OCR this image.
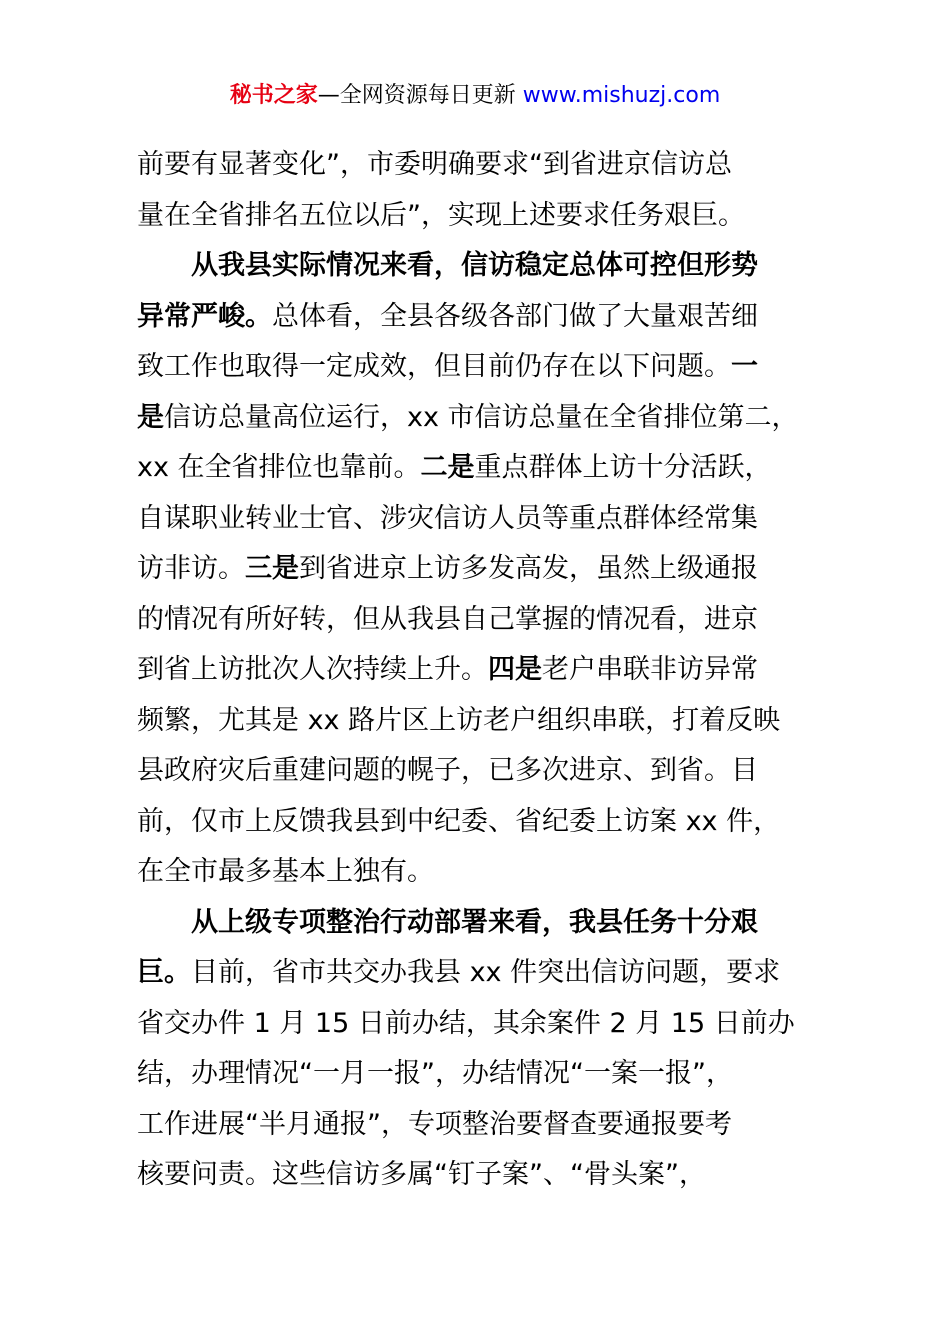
秘书之家—全网资源每日更新 www.mishuzj.com
前要有显著变化”，市委明确要求“到省进京信访总
量在全省排名五位以后”，实现上述要求任务艰巨。
从我县实际情况来看，信访稳定总体可控但形势
异常严峻。总体看，全县各级各部门做了大量艰苦细
致工作也取得一定成效，但目前仍存在以下问题。一
是信访总量高位运行，xx 市信访总量在全省排位第二，
xx 在全省排位也靠前。二是重点群体上访十分活跃，
自谋职业转业士官、涉灾信访人员等重点群体经常集
访非访。三是到省进京上访多发高发，虽然上级通报
的情况有所好转，但从我县自己掌握的情况看，进京
到省上访批次人次持续上升。四是老户串联非访异常
频繁，尤其是 xx 路片区上访老户组织串联，打着反映
县政府灾后重建问题的幌子，已多次进京、到省。目
前，仅市上反馈我县到中纪委、省纪委上访案 xx 件，
在全市最多基本上独有。
从上级专项整治行动部署来看，我县任务十分艰
巨。目前，省市共交办我县 xx 件突出信访问题，要求
省交办件 1 月 15 日前办结，其余案件 2 月 15 日前办
结，办理情况“一月一报”，办结情况“一案一报”，
工作进展“半月通报”，专项整治要督查要通报要考
核要问责。这些信访多属“钉子案”、“骨头案”，
